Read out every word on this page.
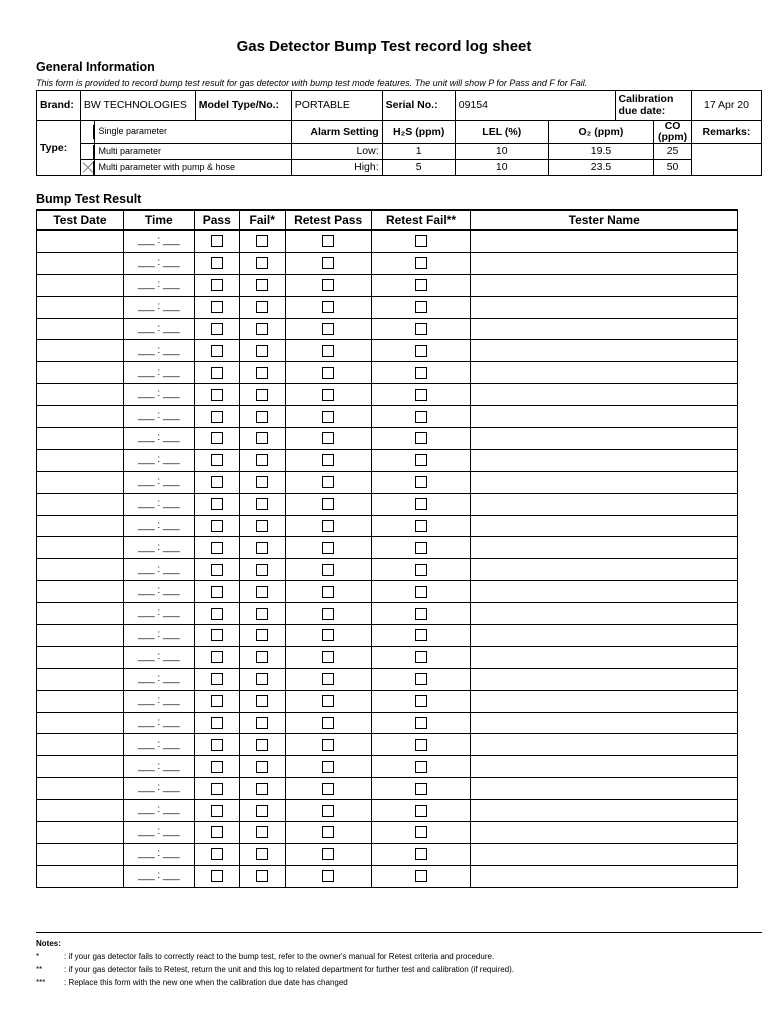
Gas Detector Bump Test record log sheet
General Information
This form is provided to record bump test result for gas detector with bump test mode features. The unit will show P for Pass and F for Fail.
Brand:	BW TECHNOLOGIES		Model Type/No.:	PORTABLE	Serial No.:	09154		Calibration due date:		17 Apr 20
Type:		Single parameter		Alarm Setting	H₂S (ppm)	LEL (%)	O₂ (ppm)		CO (ppm)	Remarks:

		Multi parameter		Low:	1	10	19.5		25	

		Multi parameter with pump & hose		High:	5	10	23.5		50	
Bump Test Result
Test Date	Time	Pass	Fail*	Retest Pass	Retest Fail**	Tester Name
	___ : ___					
	___ : ___					
	___ : ___					
	___ : ___					
	___ : ___					
	___ : ___					
	___ : ___					
	___ : ___					
	___ : ___					
	___ : ___					
	___ : ___					
	___ : ___					
	___ : ___					
	___ : ___					
	___ : ___					
	___ : ___					
	___ : ___					
	___ : ___					
	___ : ___					
	___ : ___					
	___ : ___					
	___ : ___					
	___ : ___					
	___ : ___					
	___ : ___					
	___ : ___					
	___ : ___					
	___ : ___					
	___ : ___					
	___ : ___					
Notes:
*	: if your gas detector fails to correctly react to the bump test, refer to the owner's manual for Retest criteria and procedure.
**	: if your gas detector fails to Retest, return the unit and this log to related department for further test and calibration (if required).
*** : Replace this form with the new one when the calibration due date has changed
